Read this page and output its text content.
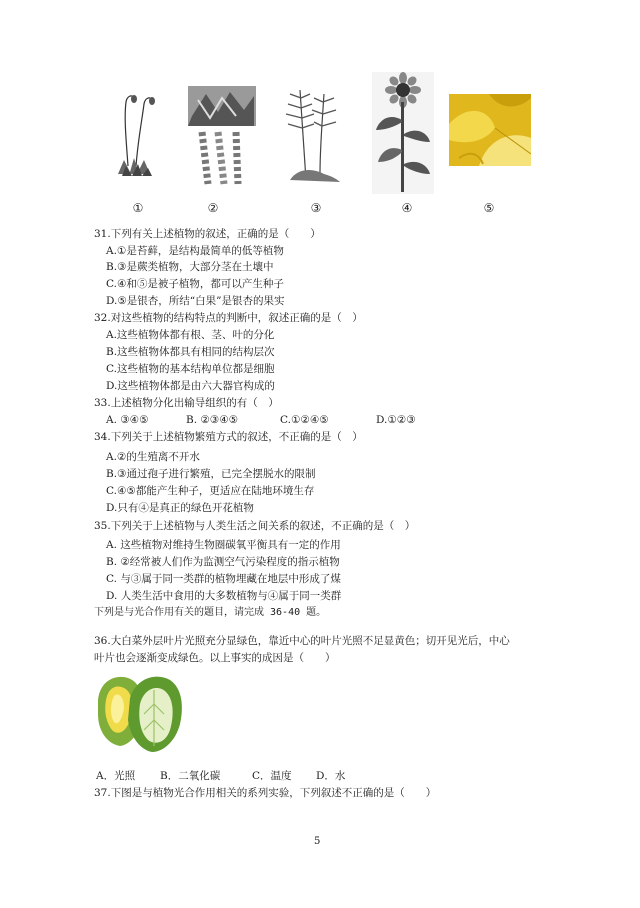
①	②	③	④	⑤
31.下列有关上述植物的叙述，正确的是（　　）
A.①是苔藓，是结构最简单的低等植物
B.③是蕨类植物，大部分茎在土壤中
C.④和⑤是被子植物，都可以产生种子
D.⑤是银杏，所结“白果”是银杏的果实
32.对这些植物的结构特点的判断中，叙述正确的是（　）
A.这些植物体都有根、茎、叶的分化
B.这些植物体都具有相同的结构层次
C.这些植物的基本结构单位都是细胞
D.这些植物体都是由六大器官构成的
33.上述植物分化出输导组织的有（　）
A. ③④⑤	B. ②③④⑤	C.①②④⑤	D.①②③
34.下列关于上述植物繁殖方式的叙述，不正确的是（　）
A.②的生殖离不开水
B.③通过孢子进行繁殖，已完全摆脱水的限制
C.④⑤都能产生种子，更适应在陆地环境生存
D.只有④是真正的绿色开花植物
35.下列关于上述植物与人类生活之间关系的叙述，不正确的是（　）
A. 这些植物对维持生物圈碳氧平衡具有一定的作用
B. ②经常被人们作为监测空气污染程度的指示植物
C. 与③属于同一类群的植物埋藏在地层中形成了煤
D. 人类生活中食用的大多数植物与④属于同一类群
下列是与光合作用有关的题目，请完成 36-40 题。
36.大白菜外层叶片光照充分显绿色，靠近中心的叶片光照不足显黄色；切开见光后，中心
叶片也会逐渐变成绿色。以上事实的成因是（　　）
A．光照 B．二氧化碳	C．温度 D．水
37.下图是与植物光合作用相关的系列实验，下列叙述不正确的是（　　）
5
